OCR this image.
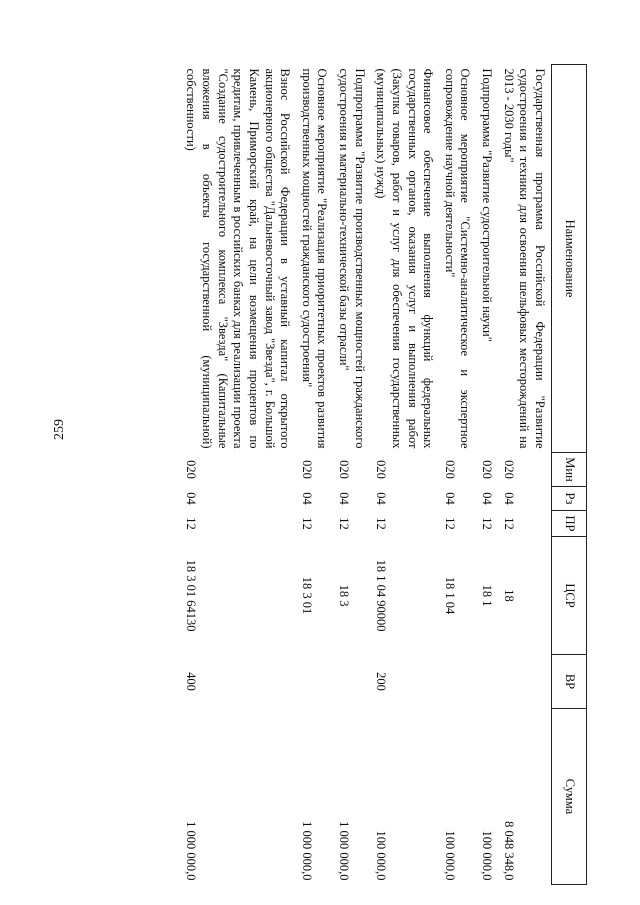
259
Наименование	Мин	Рз	ПР	ЦСР	ВР	Сумма
Государственная программа Российской Федерации "Развитие судостроения и техники для освоения шельфовых месторождений на 2013 - 2030 годы"	020	04	12	18		8 048 348,0
Подпрограмма "Развитие судостроительной науки"	020	04	12	18 1		100 000,0
Основное мероприятие "Системно-аналитическое и экспертное сопровождение научной деятельности"	020	04	12	18 1 04		100 000,0
Финансовое обеспечение выполнения функций федеральных государственных органов, оказания услуг и выполнения работ (Закупка товаров, работ и услуг для обеспечения государственных (муниципальных) нужд)	020	04	12	18 1 04 90000	200	100 000,0
Подпрограмма "Развитие производственных мощностей гражданского судостроения и материально-технической базы отрасли"	020	04	12	18 3		1 000 000,0
Основное мероприятие "Реализация приоритетных проектов развития производственных мощностей гражданского судостроения"	020	04	12	18 3 01		1 000 000,0
Взнос Российской Федерации в уставный капитал открытого акционерного общества "Дальневосточный завод "Звезда", г. Большой Камень, Приморский край, на цели возмещения процентов по кредитам, привлеченным в российских банках для реализации проекта "Создание судостроительного комплекса "Звезда" (Капитальные вложения в объекты государственной (муниципальной) собственности)	020	04	12	18 3 01 64130	400	1 000 000,0
